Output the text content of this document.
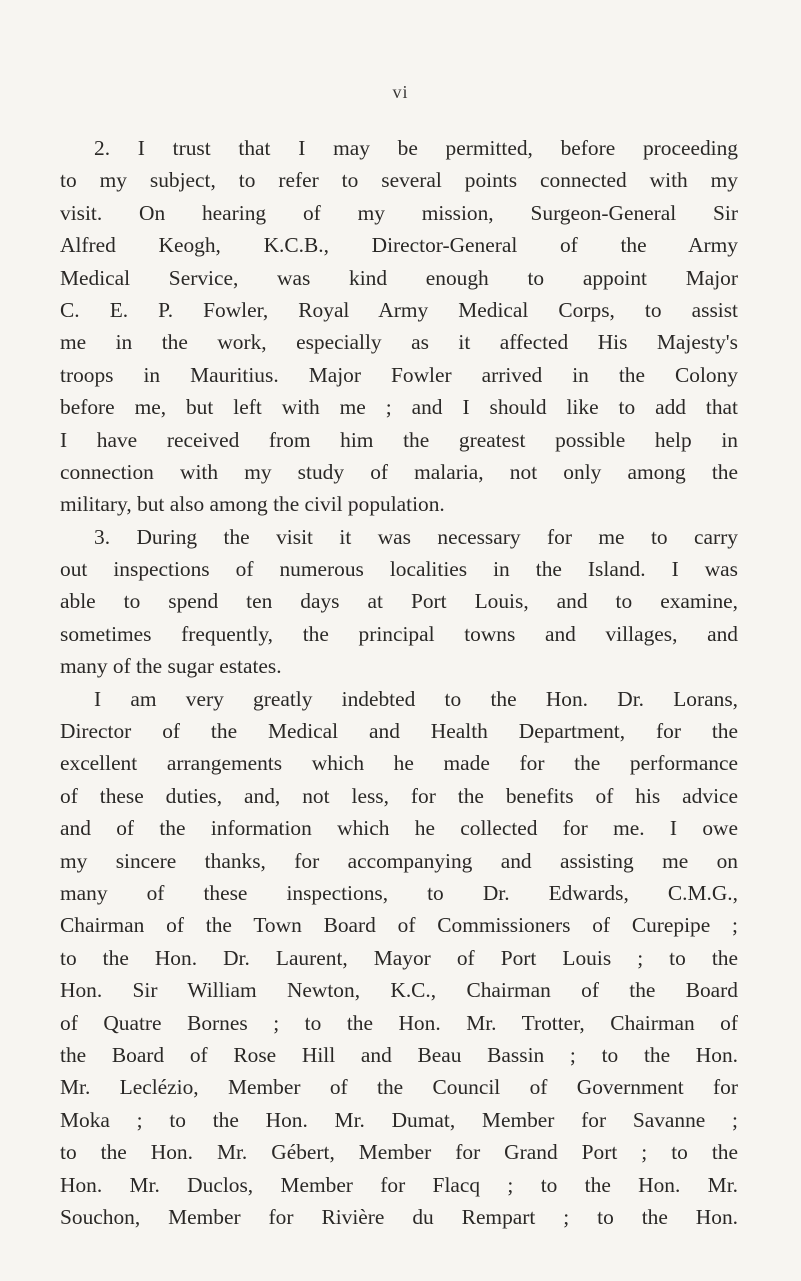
vi
2. I trust that I may be permitted, before proceeding
to my subject, to refer to several points connected with my
visit. On hearing of my mission, Surgeon-General Sir
Alfred Keogh, K.C.B., Director-General of the Army
Medical Service, was kind enough to appoint Major
C. E. P. Fowler, Royal Army Medical Corps, to assist
me in the work, especially as it affected His Majesty's
troops in Mauritius. Major Fowler arrived in the Colony
before me, but left with me ; and I should like to add that
I have received from him the greatest possible help in
connection with my study of malaria, not only among the
military, but also among the civil population.
3. During the visit it was necessary for me to carry
out inspections of numerous localities in the Island. I was
able to spend ten days at Port Louis, and to examine,
sometimes frequently, the principal towns and villages, and
many of the sugar estates.
I am very greatly indebted to the Hon. Dr. Lorans,
Director of the Medical and Health Department, for the
excellent arrangements which he made for the performance
of these duties, and, not less, for the benefits of his advice
and of the information which he collected for me. I owe
my sincere thanks, for accompanying and assisting me on
many of these inspections, to Dr. Edwards, C.M.G.,
Chairman of the Town Board of Commissioners of Curepipe ;
to the Hon. Dr. Laurent, Mayor of Port Louis ; to the
Hon. Sir William Newton, K.C., Chairman of the Board
of Quatre Bornes ; to the Hon. Mr. Trotter, Chairman of
the Board of Rose Hill and Beau Bassin ; to the Hon.
Mr. Leclézio, Member of the Council of Government for
Moka ; to the Hon. Mr. Dumat, Member for Savanne ;
to the Hon. Mr. Gébert, Member for Grand Port ; to the
Hon. Mr. Duclos, Member for Flacq ; to the Hon. Mr.
Souchon, Member for Rivière du Rempart ; to the Hon.
